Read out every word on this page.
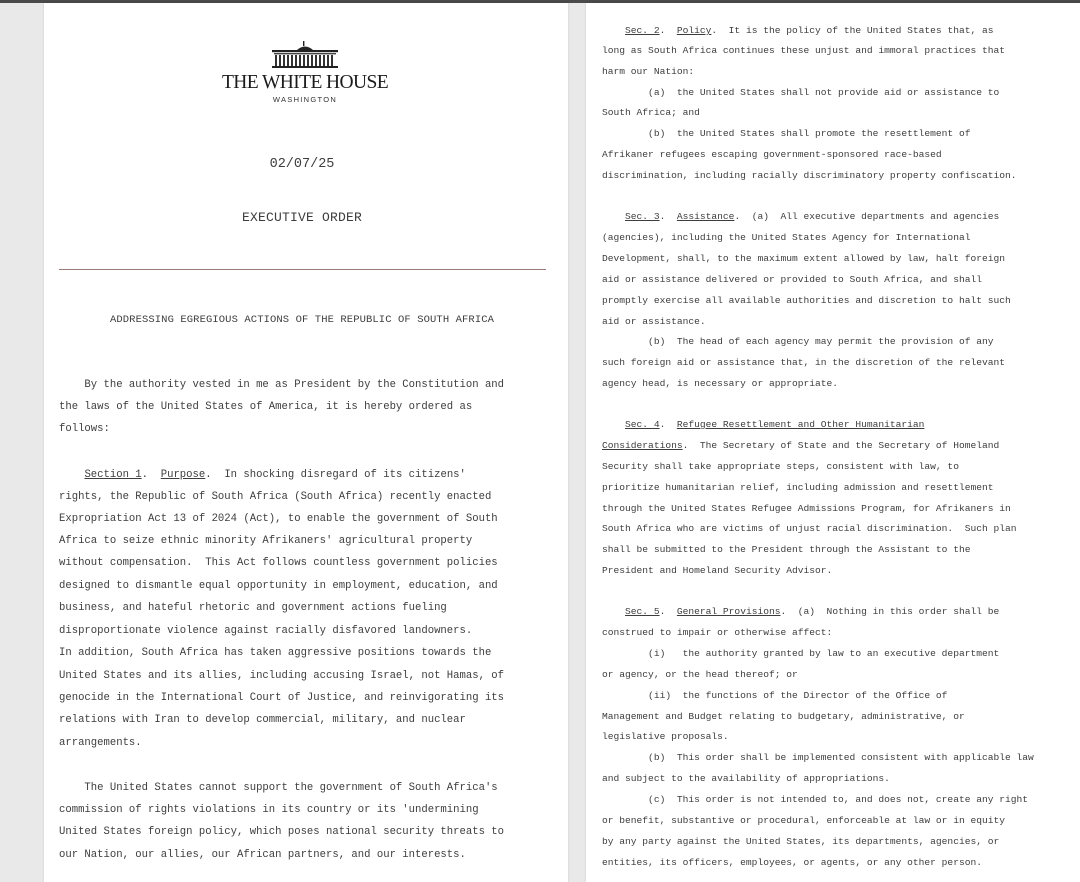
THE WHITE HOUSE
WASHINGTON
02/07/25
EXECUTIVE ORDER
ADDRESSING EGREGIOUS ACTIONS OF THE REPUBLIC OF SOUTH AFRICA
By the authority vested in me as President by the Constitution and
the laws of the United States of America, it is hereby ordered as
follows:
Section 1.  Purpose.  In shocking disregard of its citizens'
rights, the Republic of South Africa (South Africa) recently enacted
Expropriation Act 13 of 2024 (Act), to enable the government of South
Africa to seize ethnic minority Afrikaners' agricultural property
without compensation.  This Act follows countless government policies
designed to dismantle equal opportunity in employment, education, and
business, and hateful rhetoric and government actions fueling
disproportionate violence against racially disfavored landowners.
In addition, South Africa has taken aggressive positions towards the
United States and its allies, including accusing Israel, not Hamas, of
genocide in the International Court of Justice, and reinvigorating its
relations with Iran to develop commercial, military, and nuclear
arrangements.
The United States cannot support the government of South Africa's
commission of rights violations in its country or its 'undermining
United States foreign policy, which poses national security threats to
our Nation, our allies, our African partners, and our interests.
Sec. 2.  Policy.  It is the policy of the United States that, as
long as South Africa continues these unjust and immoral practices that
harm our Nation:
(a)  the United States shall not provide aid or assistance to
South Africa; and
(b)  the United States shall promote the resettlement of
Afrikaner refugees escaping government-sponsored race-based
discrimination, including racially discriminatory property confiscation.
Sec. 3.  Assistance.  (a)  All executive departments and agencies
(agencies), including the United States Agency for International
Development, shall, to the maximum extent allowed by law, halt foreign
aid or assistance delivered or provided to South Africa, and shall
promptly exercise all available authorities and discretion to halt such
aid or assistance.
(b)  The head of each agency may permit the provision of any
such foreign aid or assistance that, in the discretion of the relevant
agency head, is necessary or appropriate.
Sec. 4.  Refugee Resettlement and Other Humanitarian
Considerations.  The Secretary of State and the Secretary of Homeland
Security shall take appropriate steps, consistent with law, to
prioritize humanitarian relief, including admission and resettlement
through the United States Refugee Admissions Program, for Afrikaners in
South Africa who are victims of unjust racial discrimination.  Such plan
shall be submitted to the President through the Assistant to the
President and Homeland Security Advisor.
Sec. 5.  General Provisions.  (a)  Nothing in this order shall be
construed to impair or otherwise affect:
(i)   the authority granted by law to an executive department
or agency, or the head thereof; or
(ii)  the functions of the Director of the Office of
Management and Budget relating to budgetary, administrative, or
legislative proposals.
(b)  This order shall be implemented consistent with applicable law
and subject to the availability of appropriations.
(c)  This order is not intended to, and does not, create any right
or benefit, substantive or procedural, enforceable at law or in equity
by any party against the United States, its departments, agencies, or
entities, its officers, employees, or agents, or any other person.
